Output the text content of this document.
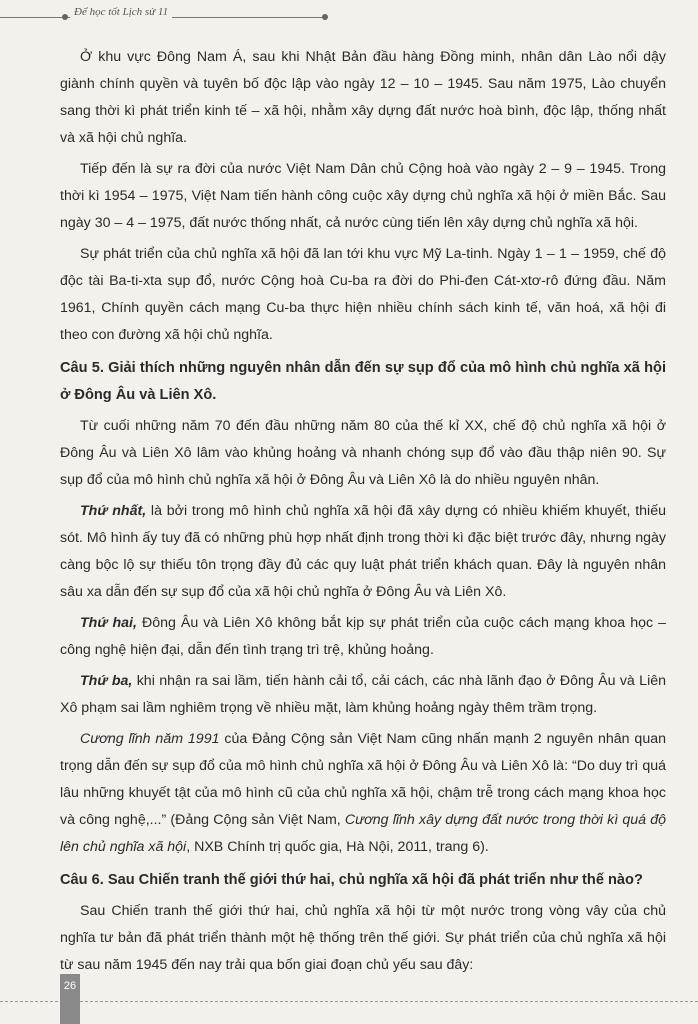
Để học tốt Lịch sử 11

Ở khu vực Đông Nam Á, sau khi Nhật Bản đầu hàng Đồng minh, nhân dân Lào nổi dậy giành chính quyền và tuyên bố độc lập vào ngày 12 – 10 – 1945. Sau năm 1975, Lào chuyển sang thời kì phát triển kinh tế – xã hội, nhằm xây dựng đất nước hoà bình, độc lập, thống nhất và xã hội chủ nghĩa.

Tiếp đến là sự ra đời của nước Việt Nam Dân chủ Cộng hoà vào ngày 2 – 9 – 1945. Trong thời kì 1954 – 1975, Việt Nam tiến hành công cuộc xây dựng chủ nghĩa xã hội ở miền Bắc. Sau ngày 30 – 4 – 1975, đất nước thống nhất, cả nước cùng tiến lên xây dựng chủ nghĩa xã hội.

Sự phát triển của chủ nghĩa xã hội đã lan tới khu vực Mỹ La-tinh. Ngày 1 – 1 – 1959, chế độ độc tài Ba-ti-xta sụp đổ, nước Cộng hoà Cu-ba ra đời do Phi-đen Cát-xtơ-rô đứng đầu. Năm 1961, Chính quyền cách mạng Cu-ba thực hiện nhiều chính sách kinh tế, văn hoá, xã hội đi theo con đường xã hội chủ nghĩa.

Câu 5. Giải thích những nguyên nhân dẫn đến sự sụp đổ của mô hình chủ nghĩa xã hội ở Đông Âu và Liên Xô.

Từ cuối những năm 70 đến đầu những năm 80 của thế kỉ XX, chế độ chủ nghĩa xã hội ở Đông Âu và Liên Xô lâm vào khủng hoảng và nhanh chóng sụp đổ vào đầu thập niên 90. Sự sụp đổ của mô hình chủ nghĩa xã hội ở Đông Âu và Liên Xô là do nhiều nguyên nhân.

Thứ nhất, là bởi trong mô hình chủ nghĩa xã hội đã xây dựng có nhiều khiếm khuyết, thiếu sót. Mô hình ấy tuy đã có những phù hợp nhất định trong thời kì đặc biệt trước đây, nhưng ngày càng bộc lộ sự thiếu tôn trọng đầy đủ các quy luật phát triển khách quan. Đây là nguyên nhân sâu xa dẫn đến sự sụp đổ của xã hội chủ nghĩa ở Đông Âu và Liên Xô.

Thứ hai, Đông Âu và Liên Xô không bắt kịp sự phát triển của cuộc cách mạng khoa học – công nghệ hiện đại, dẫn đến tình trạng trì trệ, khủng hoảng.

Thứ ba, khi nhận ra sai lầm, tiến hành cải tổ, cải cách, các nhà lãnh đạo ở Đông Âu và Liên Xô phạm sai lầm nghiêm trọng về nhiều mặt, làm khủng hoảng ngày thêm trầm trọng.

Cương lĩnh năm 1991 của Đảng Cộng sản Việt Nam cũng nhấn mạnh 2 nguyên nhân quan trọng dẫn đến sự sụp đổ của mô hình chủ nghĩa xã hội ở Đông Âu và Liên Xô là: “Do duy trì quá lâu những khuyết tật của mô hình cũ của chủ nghĩa xã hội, chậm trễ trong cách mạng khoa học và công nghệ,...” (Đảng Cộng sản Việt Nam, Cương lĩnh xây dựng đất nước trong thời kì quá độ lên chủ nghĩa xã hội, NXB Chính trị quốc gia, Hà Nội, 2011, trang 6).

Câu 6. Sau Chiến tranh thế giới thứ hai, chủ nghĩa xã hội đã phát triển như thế nào?

Sau Chiến tranh thế giới thứ hai, chủ nghĩa xã hội từ một nước trong vòng vây của chủ nghĩa tư bản đã phát triển thành một hệ thống trên thế giới. Sự phát triển của chủ nghĩa xã hội từ sau năm 1945 đến nay trải qua bốn giai đoạn chủ yếu sau đây:

26
